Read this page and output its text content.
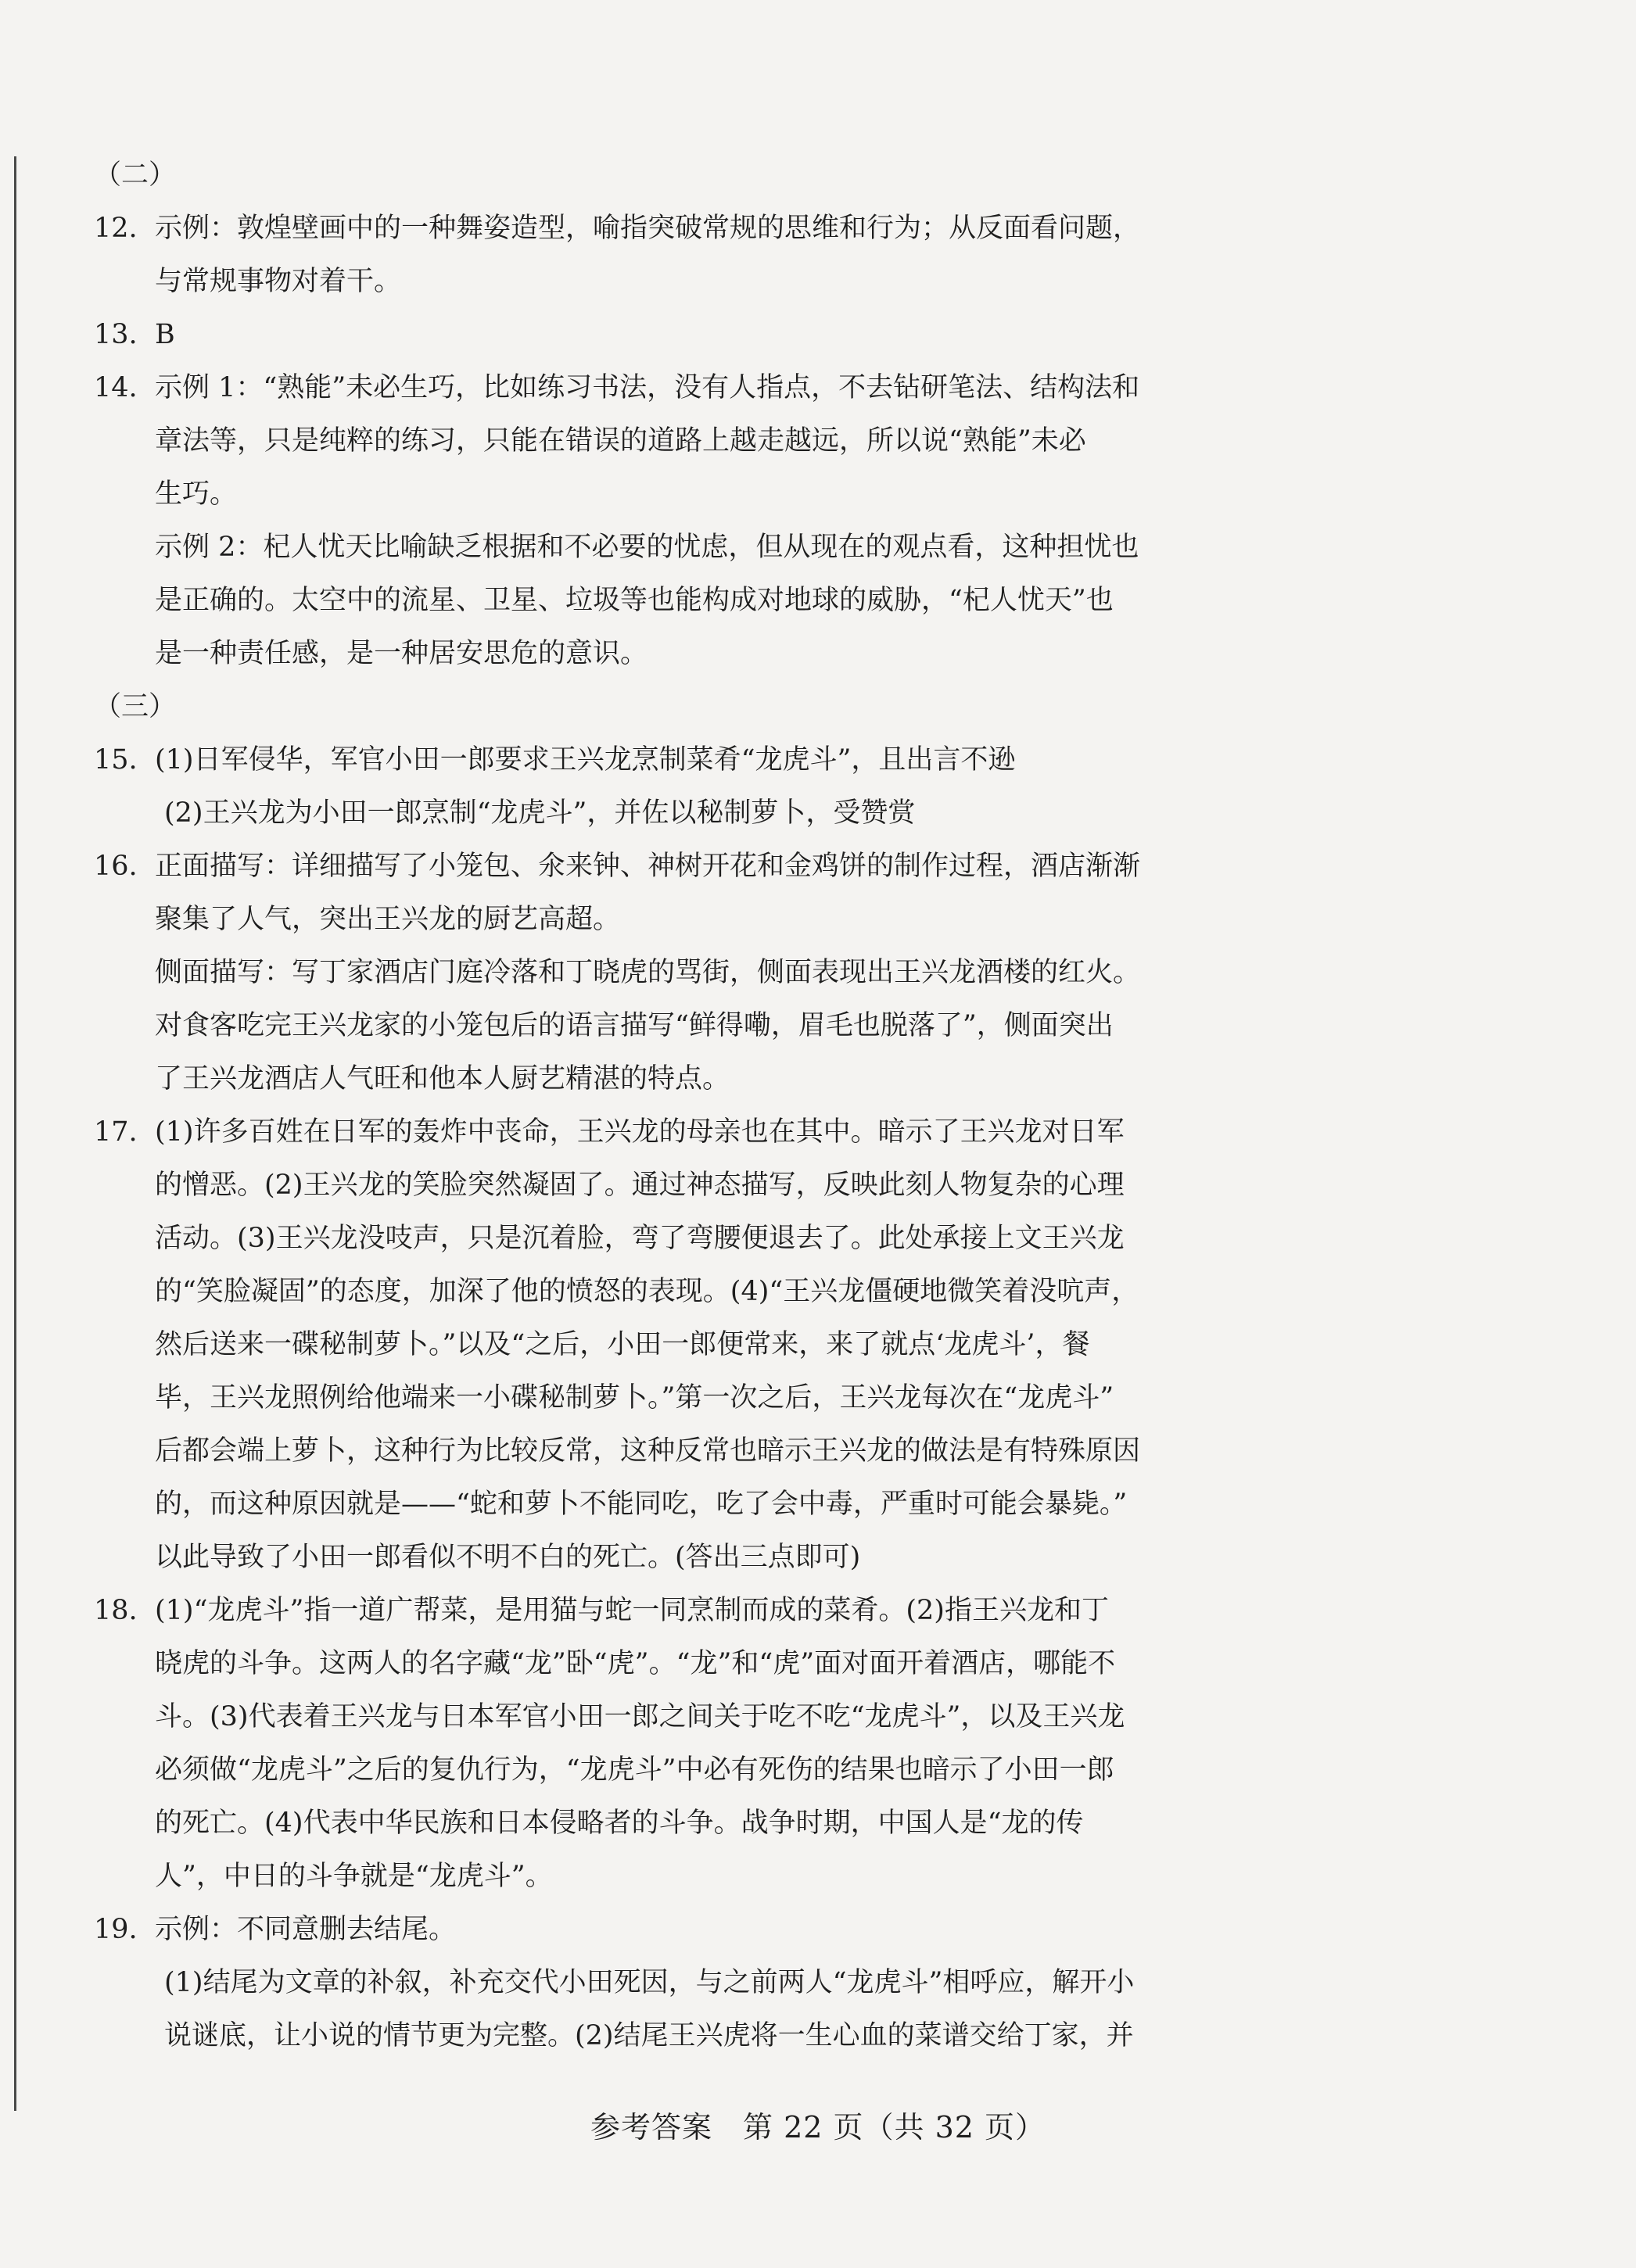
（二）
12. 示例：敦煌壁画中的一种舞姿造型，喻指突破常规的思维和行为；从反面看问题，
与常规事物对着干。
13. B
14. 示例 1：“熟能”未必生巧，比如练习书法，没有人指点，不去钻研笔法、结构法和
章法等，只是纯粹的练习，只能在错误的道路上越走越远，所以说“熟能”未必
生巧。
示例 2：杞人忧天比喻缺乏根据和不必要的忧虑，但从现在的观点看，这种担忧也
是正确的。太空中的流星、卫星、垃圾等也能构成对地球的威胁，“杞人忧天”也
是一种责任感，是一种居安思危的意识。
（三）
15. (1)日军侵华，军官小田一郎要求王兴龙烹制菜肴“龙虎斗”，且出言不逊
(2)王兴龙为小田一郎烹制“龙虎斗”，并佐以秘制萝卜，受赞赏
16. 正面描写：详细描写了小笼包、氽来钟、神树开花和金鸡饼的制作过程，酒店渐渐
聚集了人气，突出王兴龙的厨艺高超。
侧面描写：写丁家酒店门庭冷落和丁晓虎的骂街，侧面表现出王兴龙酒楼的红火。
对食客吃完王兴龙家的小笼包后的语言描写“鲜得嘞，眉毛也脱落了”，侧面突出
了王兴龙酒店人气旺和他本人厨艺精湛的特点。
17. (1)许多百姓在日军的轰炸中丧命，王兴龙的母亲也在其中。暗示了王兴龙对日军
的憎恶。(2)王兴龙的笑脸突然凝固了。通过神态描写，反映此刻人物复杂的心理
活动。(3)王兴龙没吱声，只是沉着脸，弯了弯腰便退去了。此处承接上文王兴龙
的“笑脸凝固”的态度，加深了他的愤怒的表现。(4)“王兴龙僵硬地微笑着没吭声，
然后送来一碟秘制萝卜。”以及“之后，小田一郎便常来，来了就点‘龙虎斗’，餐
毕，王兴龙照例给他端来一小碟秘制萝卜。”第一次之后，王兴龙每次在“龙虎斗”
后都会端上萝卜，这种行为比较反常，这种反常也暗示王兴龙的做法是有特殊原因
的，而这种原因就是——“蛇和萝卜不能同吃，吃了会中毒，严重时可能会暴毙。”
以此导致了小田一郎看似不明不白的死亡。(答出三点即可)
18. (1)“龙虎斗”指一道广帮菜，是用猫与蛇一同烹制而成的菜肴。(2)指王兴龙和丁
晓虎的斗争。这两人的名字藏“龙”卧“虎”。“龙”和“虎”面对面开着酒店，哪能不
斗。(3)代表着王兴龙与日本军官小田一郎之间关于吃不吃“龙虎斗”，以及王兴龙
必须做“龙虎斗”之后的复仇行为，“龙虎斗”中必有死伤的结果也暗示了小田一郎
的死亡。(4)代表中华民族和日本侵略者的斗争。战争时期，中国人是“龙的传
人”，中日的斗争就是“龙虎斗”。
19. 示例：不同意删去结尾。
(1)结尾为文章的补叙，补充交代小田死因，与之前两人“龙虎斗”相呼应，解开小
说谜底，让小说的情节更为完整。(2)结尾王兴虎将一生心血的菜谱交给丁家，并
参考答案　第 22 页（共 32 页）
